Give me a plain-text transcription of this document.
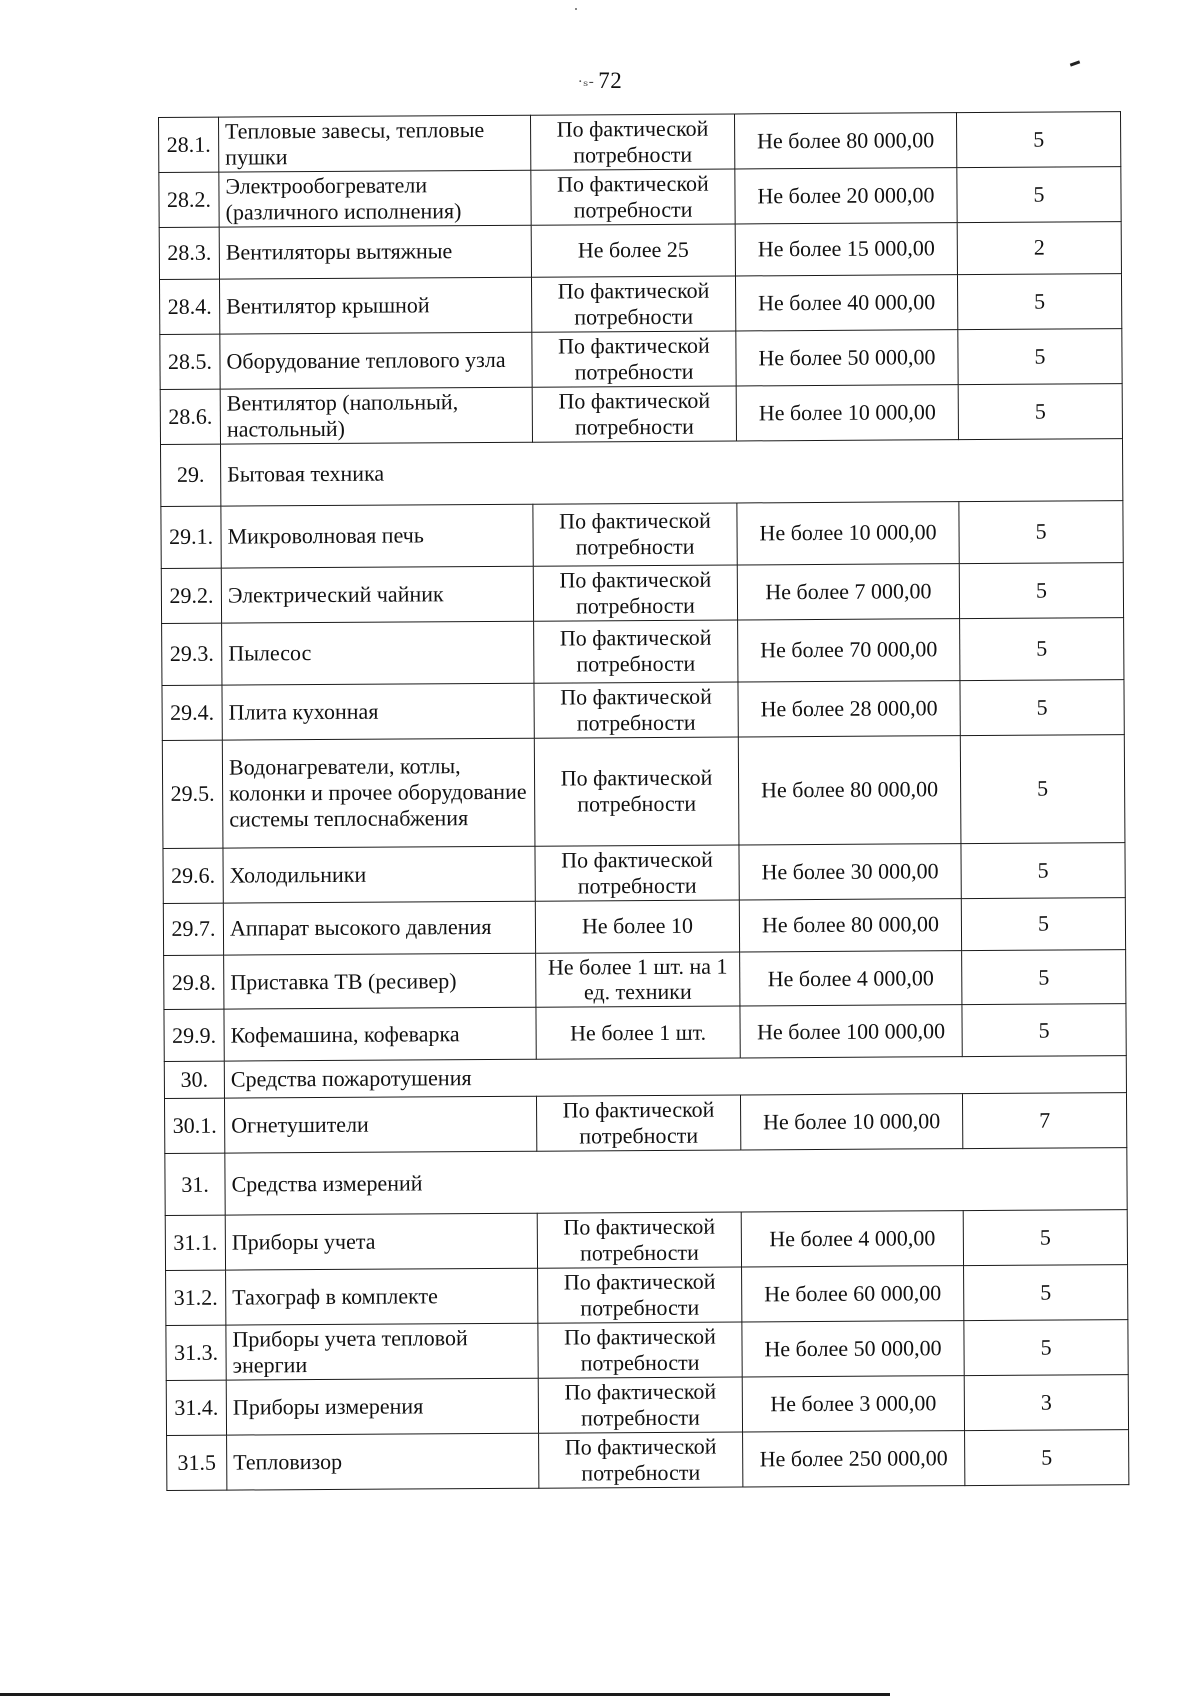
·ₛ- 72
28.1.	Тепловые завесы, тепловые пушки	По фактической потребности	Не более 80 000,00	5
28.2.	Электрообогреватели (различного исполнения)	По фактической потребности	Не более 20 000,00	5
28.3.	Вентиляторы вытяжные	Не более 25	Не более 15 000,00	2
28.4.	Вентилятор крышной	По фактической потребности	Не более 40 000,00	5
28.5.	Оборудование теплового узла	По фактической потребности	Не более 50 000,00	5
28.6.	Вентилятор (напольный, настольный)	По фактической потребности	Не более 10 000,00	5
29.	Бытовая техника			
29.1.	Микроволновая печь	По фактической потребности	Не более 10 000,00	5
29.2.	Электрический чайник	По фактической потребности	Не более 7 000,00	5
29.3.	Пылесос	По фактической потребности	Не более 70 000,00	5
29.4.	Плита кухонная	По фактической потребности	Не более 28 000,00	5
29.5.	Водонагреватели, котлы, колонки и прочее оборудование системы теплоснабжения	По фактической потребности	Не более 80 000,00	5
29.6.	Холодильники	По фактической потребности	Не более 30 000,00	5
29.7.	Аппарат высокого давления	Не более 10	Не более 80 000,00	5
29.8.	Приставка ТВ (ресивер)	Не более 1 шт. на 1 ед. техники	Не более 4 000,00	5
29.9.	Кофемашина, кофеварка	Не более 1 шт.	Не более 100 000,00	5
30.	Средства пожаротушения			
30.1.	Огнетушители	По фактической потребности	Не более 10 000,00	7
31.	Средства измерений			
31.1.	Приборы учета	По фактической потребности	Не более 4 000,00	5
31.2.	Тахограф в комплекте	По фактической потребности	Не более 60 000,00	5
31.3.	Приборы учета тепловой энергии	По фактической потребности	Не более 50 000,00	5
31.4.	Приборы измерения	По фактической потребности	Не более 3 000,00	3
31.5	Тепловизор	По фактической потребности	Не более 250 000,00	5
